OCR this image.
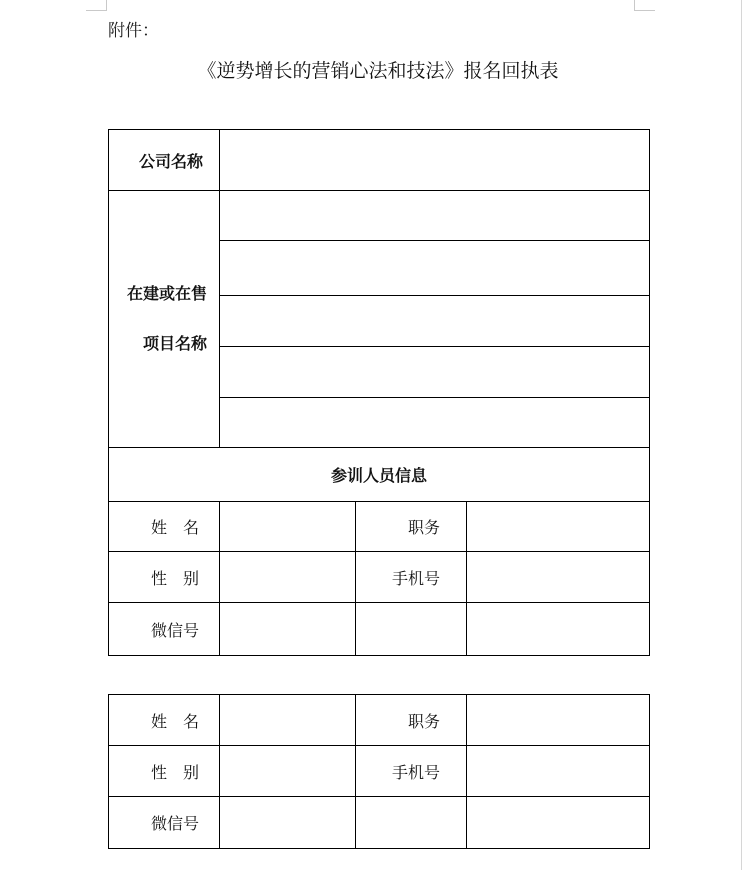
附件：
《逆势增长的营销心法和技法》报名回执表
公司名称			

在建或在售
项目名称			

参训人员信息			
姓　名		职务	
性　别		手机号	
微信号			
姓　名		职务	
性　别		手机号	
微信号			
